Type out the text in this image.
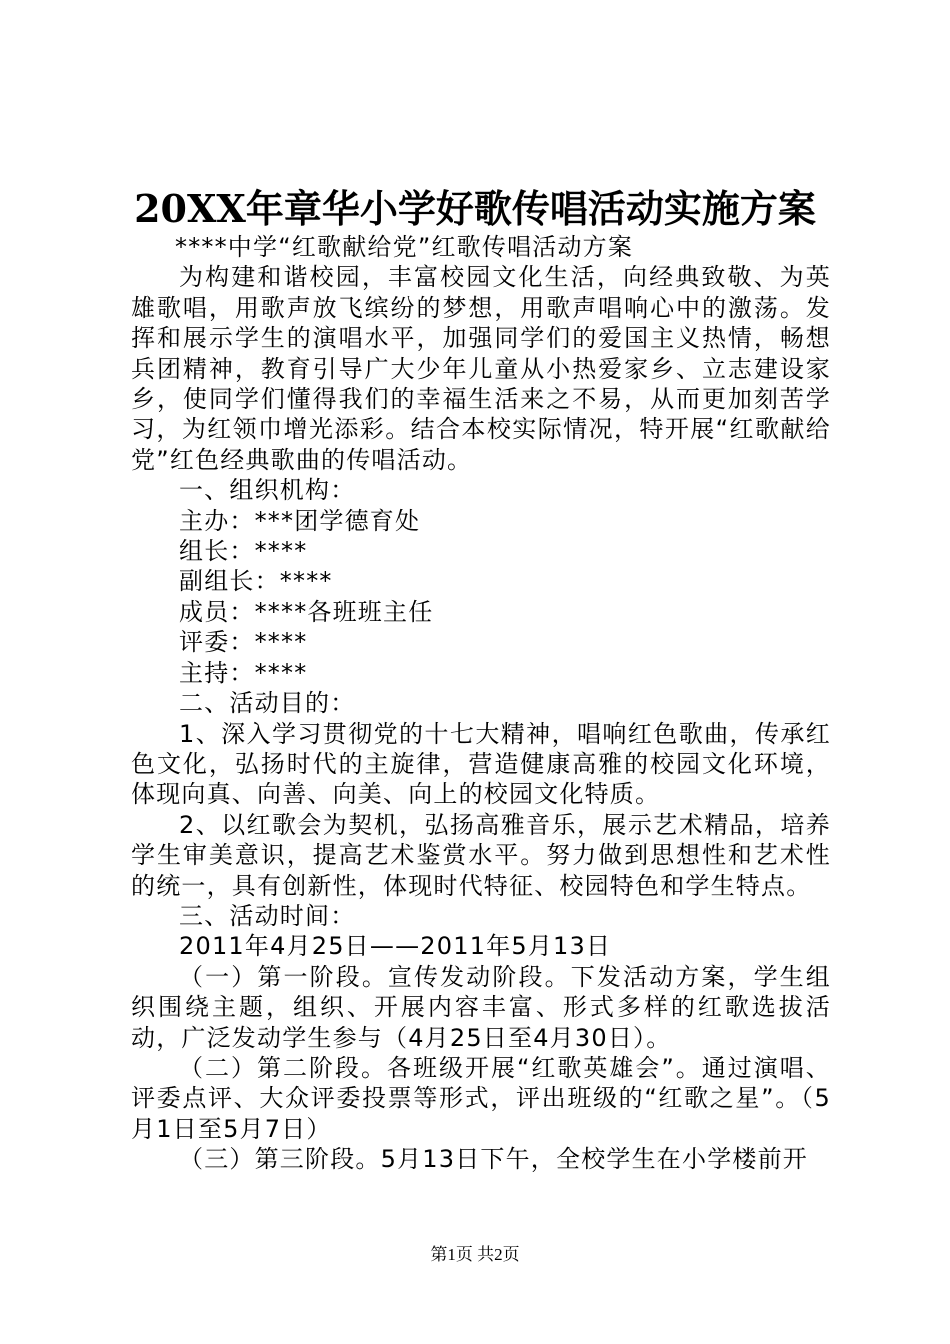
20XX年章华小学好歌传唱活动实施方案

****中学“红歌献给党”红歌传唱活动方案

为构建和谐校园，丰富校园文化生活，向经典致敬、为英雄歌唱，用歌声放飞缤纷的梦想，用歌声唱响心中的激荡。发挥和展示学生的演唱水平，加强同学们的爱国主义热情，畅想兵团精神，教育引导广大少年儿童从小热爱家乡、立志建设家乡，使同学们懂得我们的幸福生活来之不易，从而更加刻苦学习，为红领巾增光添彩。结合本校实际情况，特开展“红歌献给党”红色经典歌曲的传唱活动。

一、组织机构：

主办：***团学德育处

组长：****

副组长：****

成员：****各班班主任

评委：****

主持：****

二、活动目的：

1、深入学习贯彻党的十七大精神，唱响红色歌曲，传承红色文化，弘扬时代的主旋律，营造健康高雅的校园文化环境，体现向真、向善、向美、向上的校园文化特质。

2、以红歌会为契机，弘扬高雅音乐，展示艺术精品，培养学生审美意识，提高艺术鉴赏水平。努力做到思想性和艺术性的统一，具有创新性，体现时代特征、校园特色和学生特点。

三、活动时间：

2011年4月25日——2011年5月13日

（一）第一阶段。宣传发动阶段。下发活动方案，学生组织围绕主题，组织、开展内容丰富、形式多样的红歌选拔活动，广泛发动学生参与（4月25日至4月30日）。

（二）第二阶段。各班级开展“红歌英雄会”。通过演唱、评委点评、大众评委投票等形式，评出班级的“红歌之星”。（5月1日至5月7日）

（三）第三阶段。5月13日下午，全校学生在小学楼前开

第1页 共2页
